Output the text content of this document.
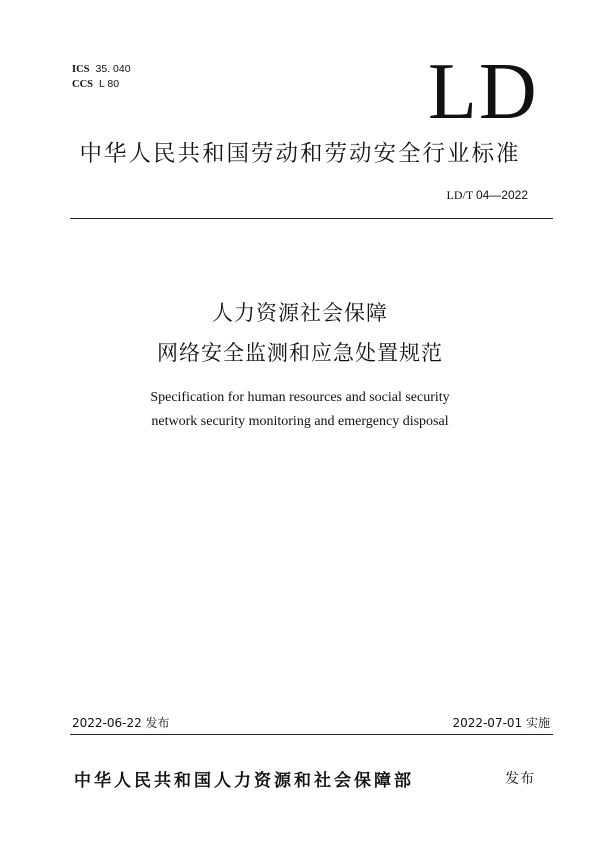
ICS 35. 040
CCS L 80	LD
中华人民共和国劳动和劳动安全行业标准
LD/T 04—2022
人力资源社会保障
网络安全监测和应急处置规范
Specification for human resources and social security
network security monitoring and emergency disposal
2022-06-22 发布	2022-07-01 实施
中华人民共和国人力资源和社会保障部	发布
